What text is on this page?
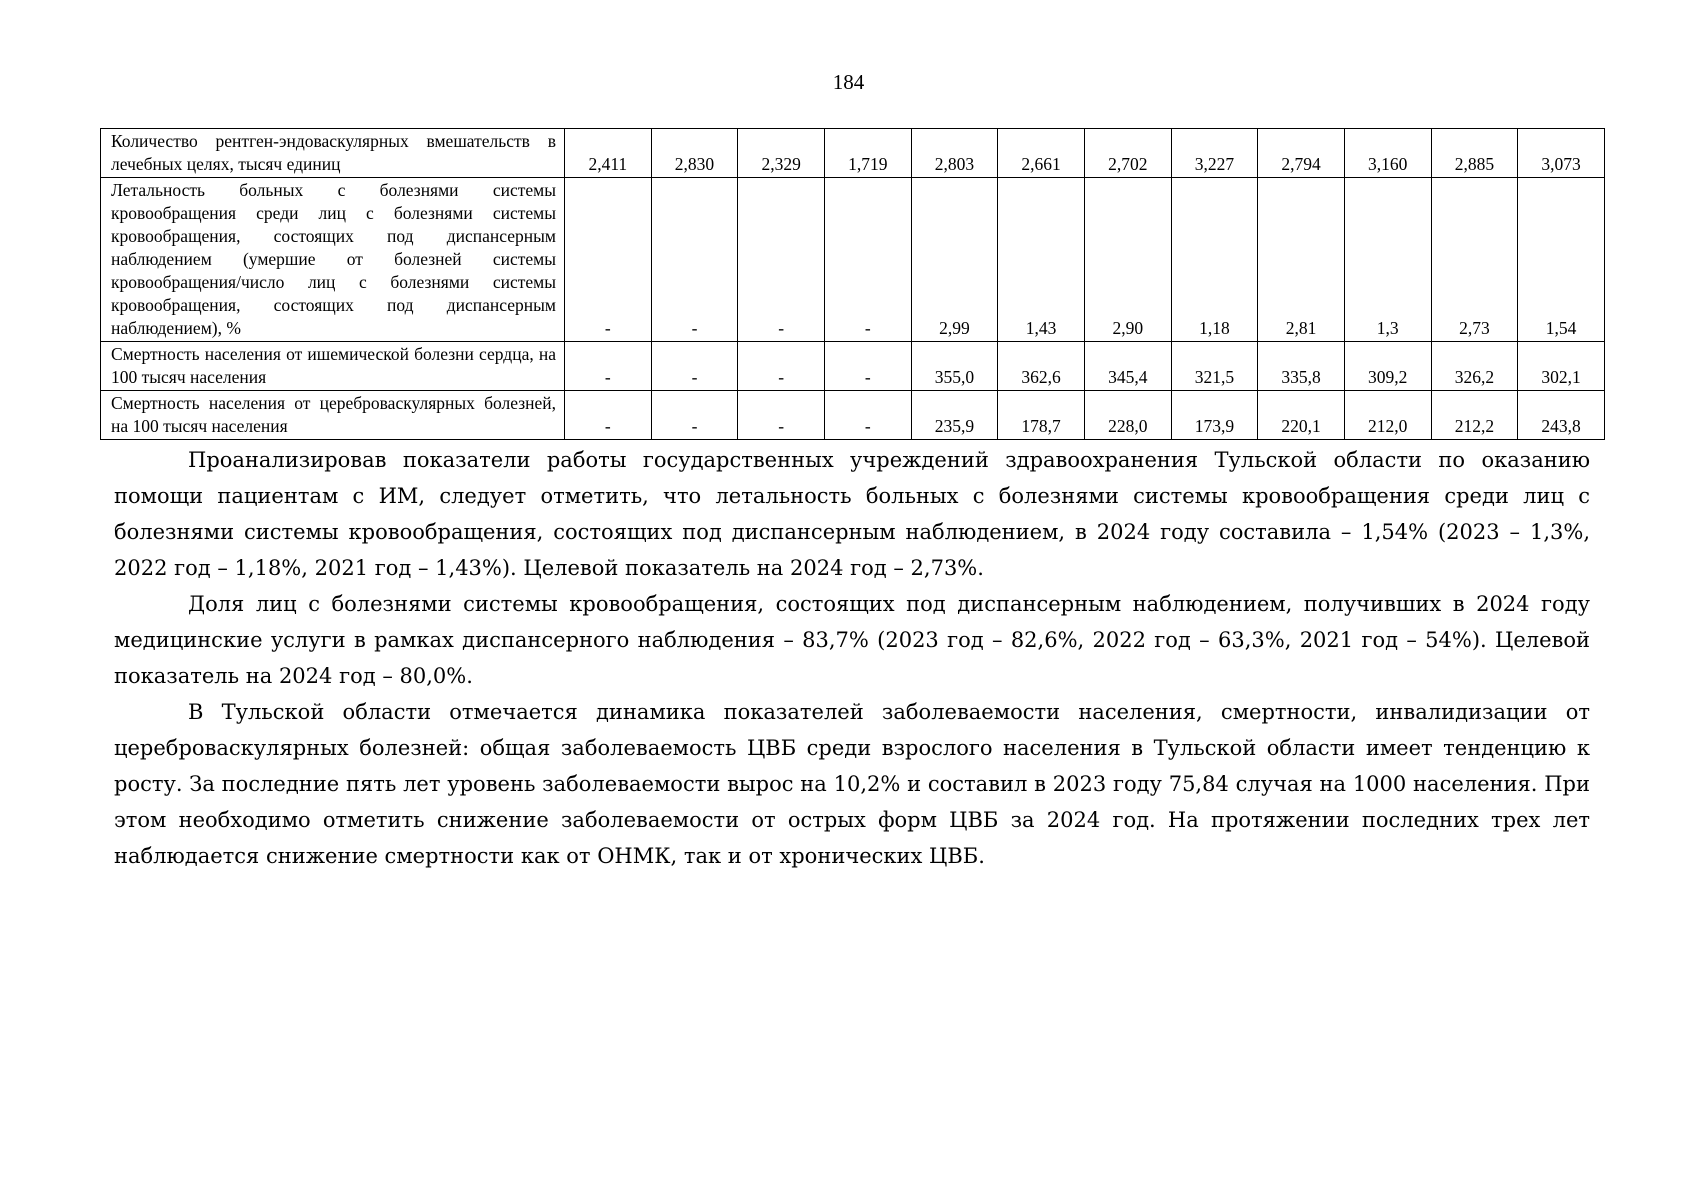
184
Количество рентген-эндоваскулярных вмешательств в лечебных целях, тысяч единиц	2,411	2,830	2,329	1,719	2,803	2,661	2,702	3,227	2,794	3,160	2,885	3,073
Летальность больных с болезнями системы кровообращения среди лиц с болезнями системы кровообращения, состоящих под диспансерным наблюдением (умершие от болезней системы кровообращения/число лиц с болезнями системы кровообращения, состоящих под диспансерным наблюдением), %	-	-	-	-	2,99	1,43	2,90	1,18	2,81	1,3	2,73	1,54
Смертность населения от ишемической болезни сердца, на 100 тысяч населения	-	-	-	-	355,0	362,6	345,4	321,5	335,8	309,2	326,2	302,1
Смертность населения от цереброваскулярных болезней, на 100 тысяч населения	-	-	-	-	235,9	178,7	228,0	173,9	220,1	212,0	212,2	243,8

Проанализировав показатели работы государственных учреждений здравоохранения Тульской области по оказанию помощи пациентам с ИМ, следует отметить, что летальность больных с болезнями системы кровообращения среди лиц с болезнями системы кровообращения, состоящих под диспансерным наблюдением, в 2024 году составила – 1,54% (2023 – 1,3%, 2022 год – 1,18%, 2021 год – 1,43%). Целевой показатель на 2024 год – 2,73%.

Доля лиц с болезнями системы кровообращения, состоящих под диспансерным наблюдением, получивших в 2024 году медицинские услуги в рамках диспансерного наблюдения – 83,7% (2023 год – 82,6%, 2022 год – 63,3%, 2021 год – 54%). Целевой показатель на 2024 год – 80,0%.

В Тульской области отмечается динамика показателей заболеваемости населения, смертности, инвалидизации от цереброваскулярных болезней: общая заболеваемость ЦВБ среди взрослого населения в Тульской области имеет тенденцию к росту. За последние пять лет уровень заболеваемости вырос на 10,2% и составил в 2023 году 75,84 случая на 1000 населения. При этом необходимо отметить снижение заболеваемости от острых форм ЦВБ за 2024 год. На протяжении последних трех лет наблюдается снижение смертности как от ОНМК, так и от хронических ЦВБ.
